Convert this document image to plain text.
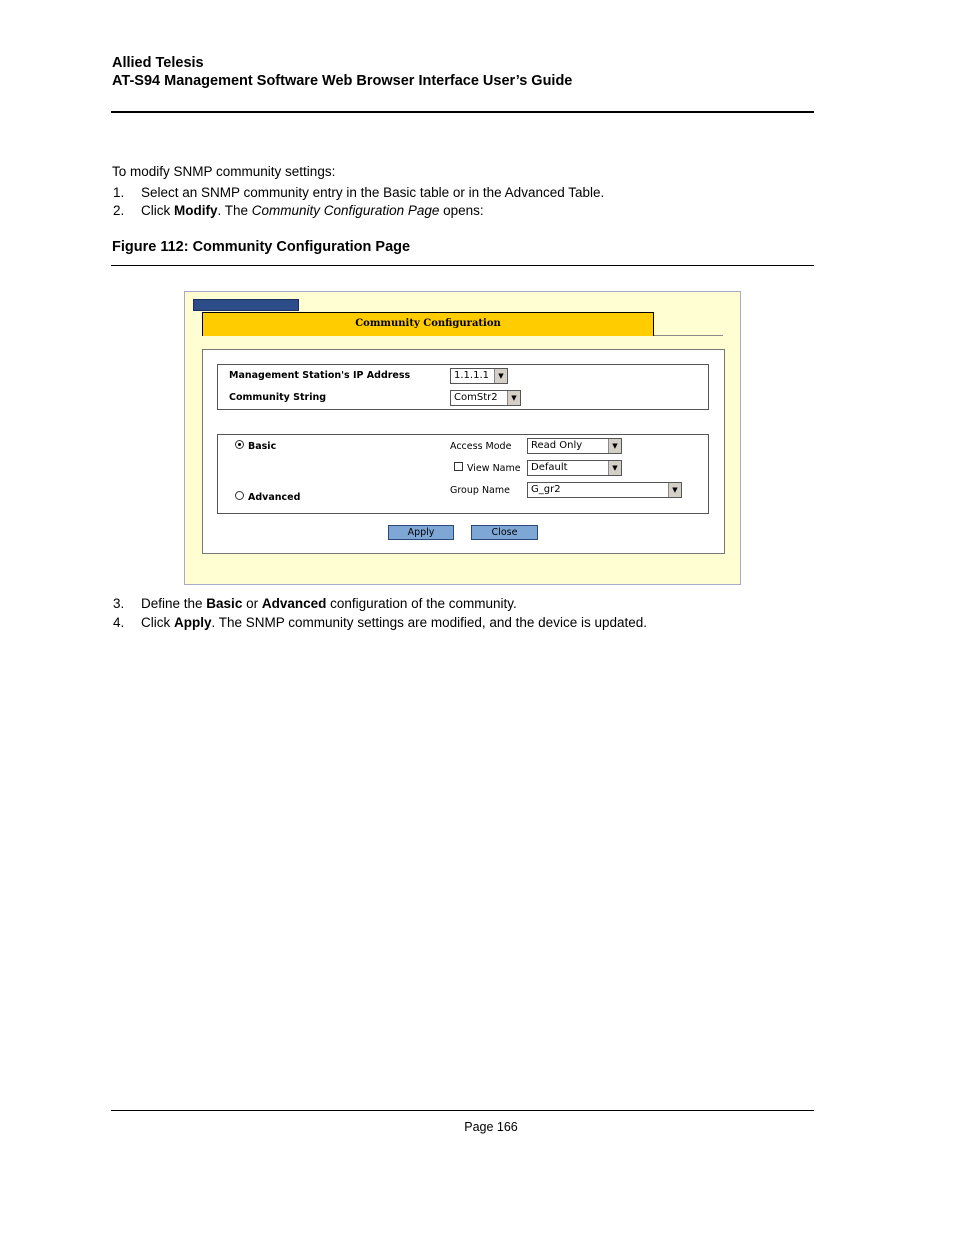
Allied Telesis
AT-S94 Management Software Web Browser Interface User’s Guide
To modify SNMP community settings:
1. Select an SNMP community entry in the Basic table or in the Advanced Table.
2. Click Modify. The Community Configuration Page opens:
Figure 112: Community Configuration Page
Community Configuration
Management Station's IP Address	1.1.1.1	▼
Community String	ComStr2	▼
Basic
Advanced
Access Mode	Read Only	▼
View Name	Default	▼
Group Name	G_gr2	▼
Apply	Close
3. Define the Basic or Advanced configuration of the community.
4. Click Apply. The SNMP community settings are modified, and the device is updated.
Page 166
